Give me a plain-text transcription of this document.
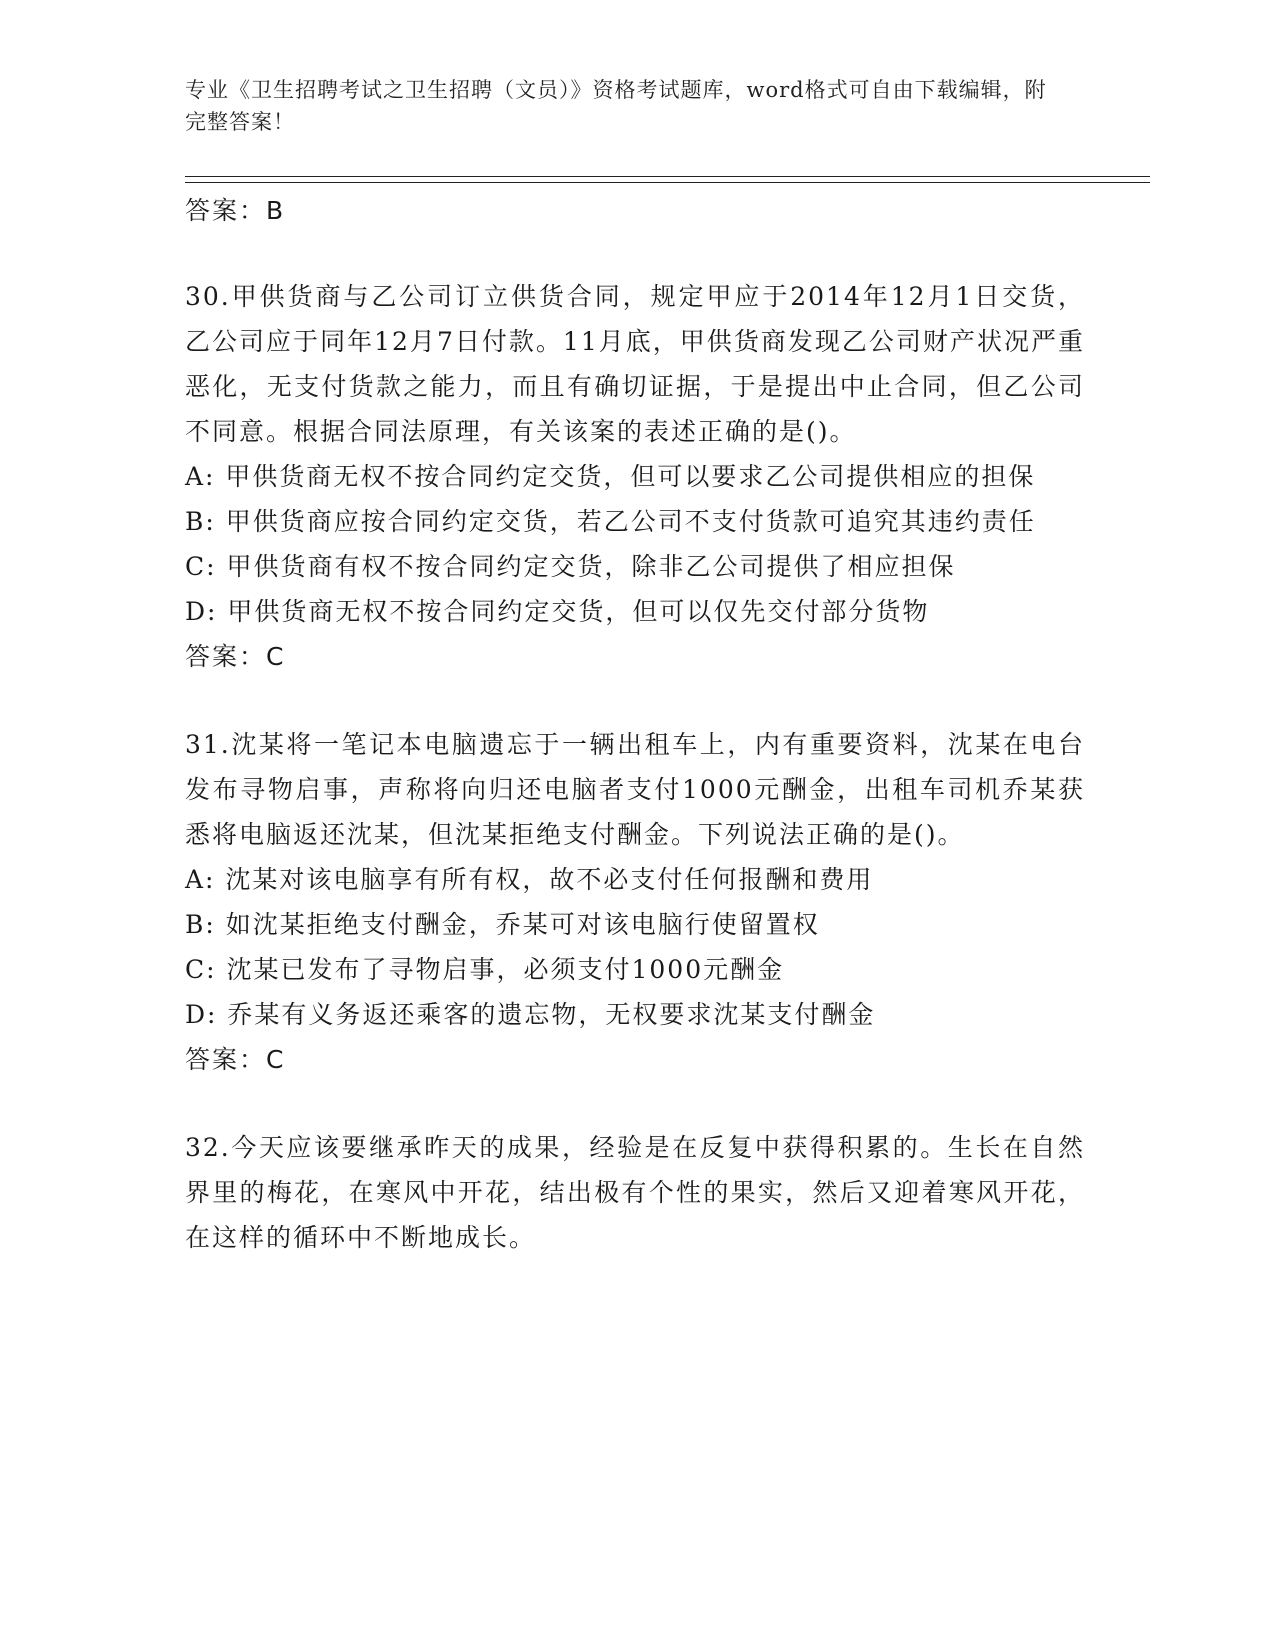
专业《卫生招聘考试之卫生招聘（文员）》资格考试题库，word格式可自由下载编辑，附完整答案！

答案：B

30.甲供货商与乙公司订立供货合同，规定甲应于2014年12月1日交货，乙公司应于同年12月7日付款。11月底，甲供货商发现乙公司财产状况严重恶化，无支付货款之能力，而且有确切证据，于是提出中止合同，但乙公司不同意。根据合同法原理，有关该案的表述正确的是()。

A: 甲供货商无权不按合同约定交货，但可以要求乙公司提供相应的担保

B: 甲供货商应按合同约定交货，若乙公司不支付货款可追究其违约责任

C: 甲供货商有权不按合同约定交货，除非乙公司提供了相应担保

D: 甲供货商无权不按合同约定交货，但可以仅先交付部分货物

答案：C

31.沈某将一笔记本电脑遗忘于一辆出租车上，内有重要资料，沈某在电台发布寻物启事，声称将向归还电脑者支付1000元酬金，出租车司机乔某获悉将电脑返还沈某，但沈某拒绝支付酬金。下列说法正确的是()。

A: 沈某对该电脑享有所有权，故不必支付任何报酬和费用

B: 如沈某拒绝支付酬金，乔某可对该电脑行使留置权

C: 沈某已发布了寻物启事，必须支付1000元酬金

D: 乔某有义务返还乘客的遗忘物，无权要求沈某支付酬金

答案：C

32.今天应该要继承昨天的成果，经验是在反复中获得积累的。生长在自然界里的梅花，在寒风中开花，结出极有个性的果实，然后又迎着寒风开花，在这样的循环中不断地成长。
